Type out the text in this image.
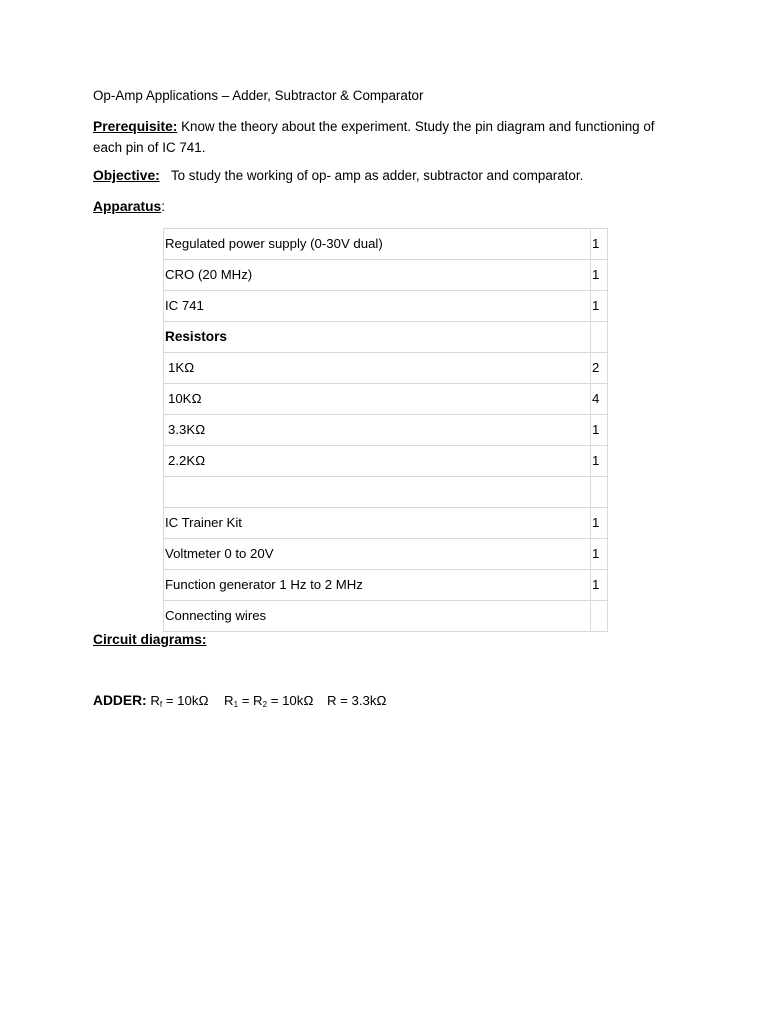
Op-Amp Applications – Adder, Subtractor & Comparator
Prerequisite: Know the theory about the experiment. Study the pin diagram and functioning of each pin of IC 741.
Objective: To study the working of op- amp as adder, subtractor and comparator.
Apparatus:
Regulated power supply (0-30V dual)	1
CRO (20 MHz)	1
IC 741	1
Resistors	
1KΩ	2
10KΩ	4
3.3KΩ	1
2.2KΩ	1

IC Trainer Kit	1
Voltmeter 0 to 20V	1
Function generator 1 Hz to 2 MHz	1
Connecting wires	
Circuit diagrams:
ADDER: $R_f$ = 10kΩ $R_1 = R_2$ = 10kΩ R = 3.3kΩ
